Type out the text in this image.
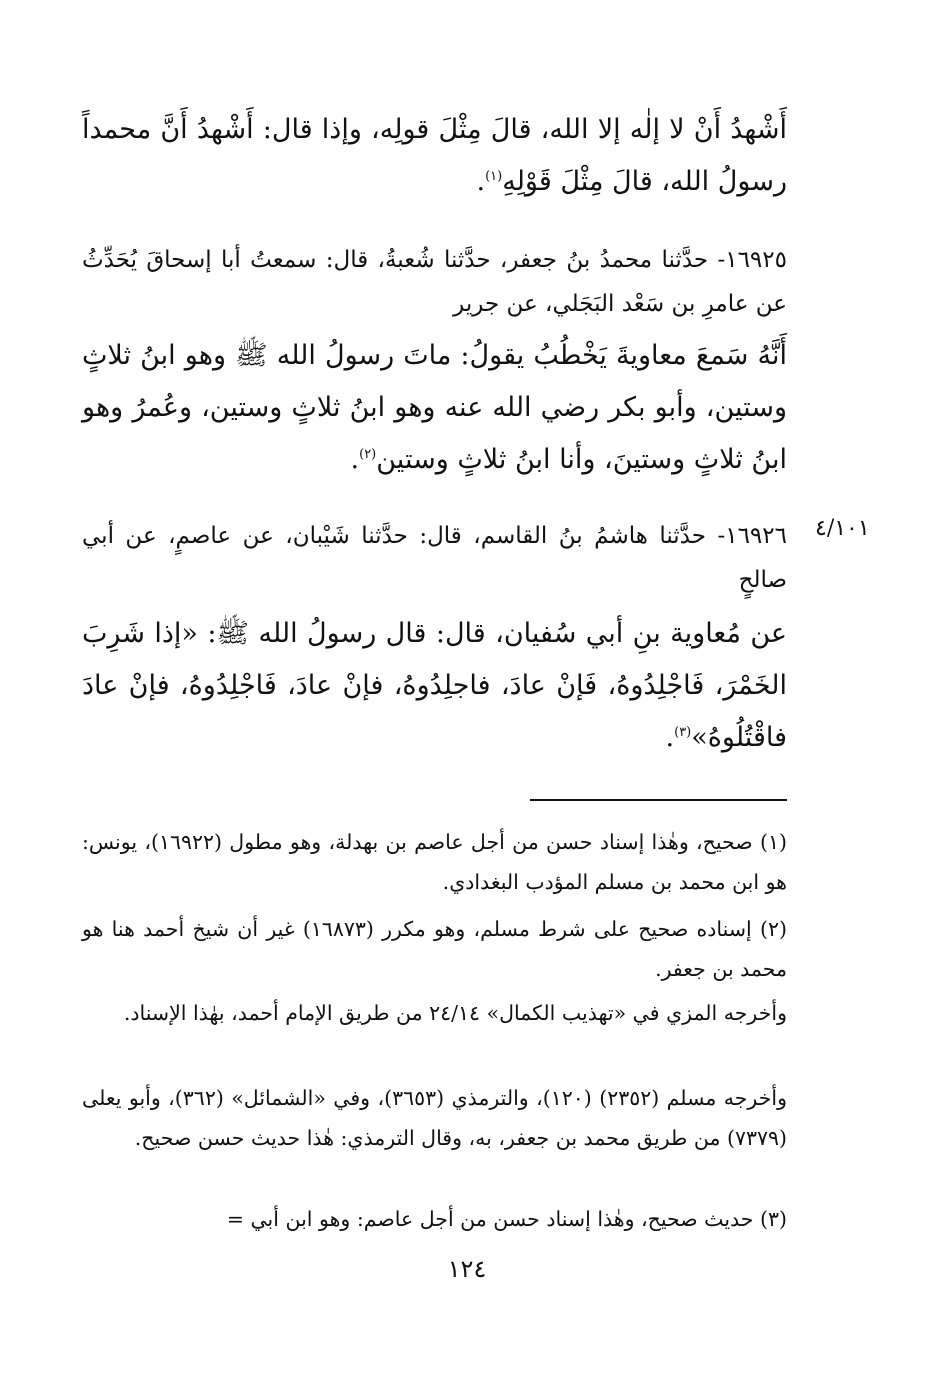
أَشْهدُ أَنْ لا إلٰه إلا الله، قالَ مِثْلَ قولِه، وإذا قال: أَشْهدُ أَنَّ محمداً رسولُ الله، قالَ مِثْلَ قَوْلِهِ$^{(١)}$.
١٦٩٢٥- حدَّثنا محمدُ بنُ جعفر، حدَّثنا شُعبةُ، قال: سمعتُ أبا إسحاقَ يُحَدِّثُ عن عامرِ بن سَعْد البَجَلي، عن جرير
أَنَّهُ سَمعَ معاويةَ يَخْطُبُ يقولُ: ماتَ رسولُ الله ﷺ وهو ابنُ ثلاثٍ وستين، وأبو بكر رضي الله عنه وهو ابنُ ثلاثٍ وستين، وعُمرُ وهو ابنُ ثلاثٍ وستينَ، وأنا ابنُ ثلاثٍ وستين$^{(٢)}$.
٤/١٠١
١٦٩٢٦- حدَّثنا هاشمُ بنُ القاسم، قال: حدَّثنا شَيْبان، عن عاصمٍ، عن أبي صالحٍ
عن مُعاوية بنِ أبي سُفيان، قال: قال رسولُ الله ﷺ: «إذا شَرِبَ الخَمْرَ، فَاجْلِدُوهُ، فَإنْ عادَ، فاجلِدُوهُ، فإنْ عادَ، فَاجْلِدُوهُ، فإنْ عادَ فاقْتُلُوهُ»$^{(٣)}$.
(١) صحيح، وهٰذا إسناد حسن من أجل عاصم بن بهدلة، وهو مطول (١٦٩٢٢)، يونس: هو ابن محمد بن مسلم المؤدب البغدادي.
(٢) إسناده صحيح على شرط مسلم، وهو مكرر (١٦٨٧٣) غير أن شيخ أحمد هنا هو محمد بن جعفر.
وأخرجه المزي في «تهذيب الكمال» ٢٤/١٤ من طريق الإمام أحمد، بهٰذا الإسناد.
وأخرجه مسلم (٢٣٥٢) (١٢٠)، والترمذي (٣٦٥٣)، وفي «الشمائل» (٣٦٢)، وأبو يعلى (٧٣٧٩) من طريق محمد بن جعفر، به، وقال الترمذي: هٰذا حديث حسن صحيح.
(٣) حديث صحيح، وهٰذا إسناد حسن من أجل عاصم: وهو ابن أبي =
١٢٤
